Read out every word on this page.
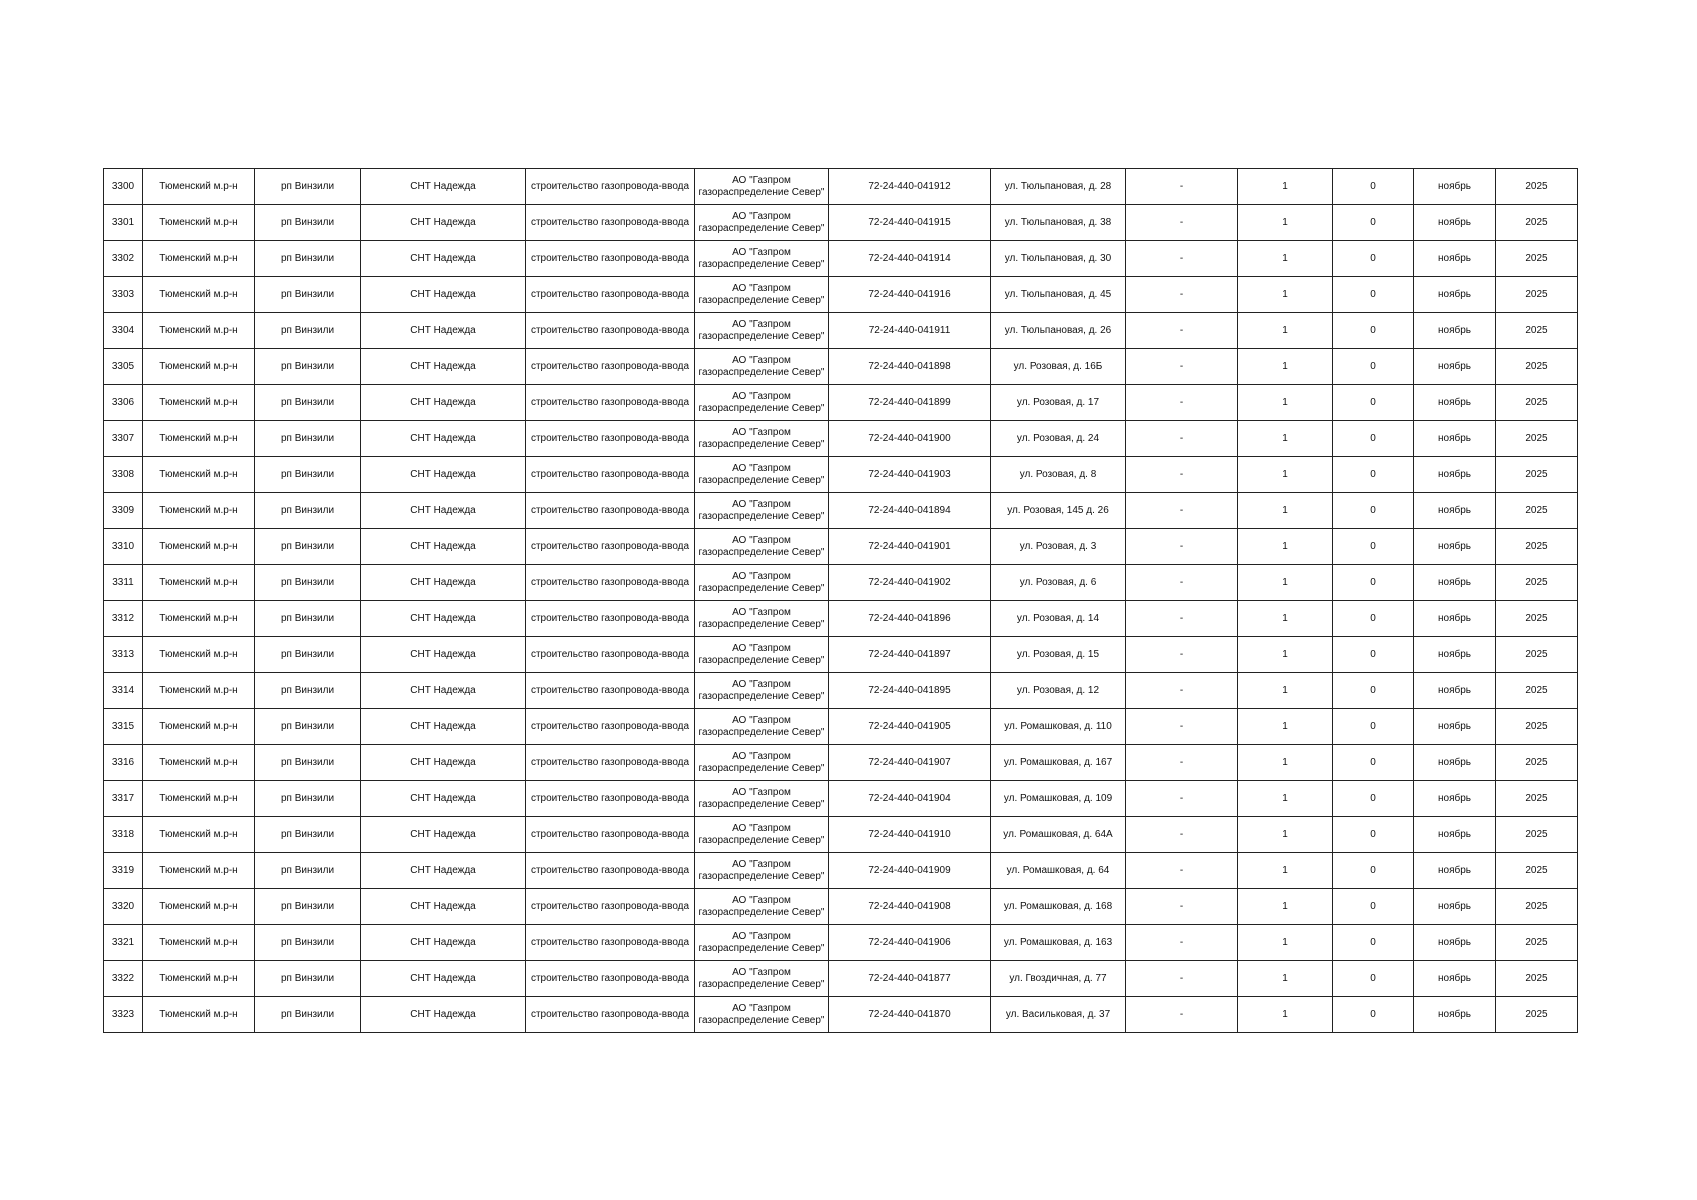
3300	Тюменский м.р-н	рп Винзили	СНТ Надежда	строительство газопровода-ввода	АО "Газпром
газораспределение Север"	72-24-440-041912	ул. Тюльпановая, д. 28	-	1	0	ноябрь	2025
3301	Тюменский м.р-н	рп Винзили	СНТ Надежда	строительство газопровода-ввода	АО "Газпром
газораспределение Север"	72-24-440-041915	ул. Тюльпановая, д. 38	-	1	0	ноябрь	2025
3302	Тюменский м.р-н	рп Винзили	СНТ Надежда	строительство газопровода-ввода	АО "Газпром
газораспределение Север"	72-24-440-041914	ул. Тюльпановая, д. 30	-	1	0	ноябрь	2025
3303	Тюменский м.р-н	рп Винзили	СНТ Надежда	строительство газопровода-ввода	АО "Газпром
газораспределение Север"	72-24-440-041916	ул. Тюльпановая, д. 45	-	1	0	ноябрь	2025
3304	Тюменский м.р-н	рп Винзили	СНТ Надежда	строительство газопровода-ввода	АО "Газпром
газораспределение Север"	72-24-440-041911	ул. Тюльпановая, д. 26	-	1	0	ноябрь	2025
3305	Тюменский м.р-н	рп Винзили	СНТ Надежда	строительство газопровода-ввода	АО "Газпром
газораспределение Север"	72-24-440-041898	ул. Розовая, д. 16Б	-	1	0	ноябрь	2025
3306	Тюменский м.р-н	рп Винзили	СНТ Надежда	строительство газопровода-ввода	АО "Газпром
газораспределение Север"	72-24-440-041899	ул. Розовая, д. 17	-	1	0	ноябрь	2025
3307	Тюменский м.р-н	рп Винзили	СНТ Надежда	строительство газопровода-ввода	АО "Газпром
газораспределение Север"	72-24-440-041900	ул. Розовая, д. 24	-	1	0	ноябрь	2025
3308	Тюменский м.р-н	рп Винзили	СНТ Надежда	строительство газопровода-ввода	АО "Газпром
газораспределение Север"	72-24-440-041903	ул. Розовая, д. 8	-	1	0	ноябрь	2025
3309	Тюменский м.р-н	рп Винзили	СНТ Надежда	строительство газопровода-ввода	АО "Газпром
газораспределение Север"	72-24-440-041894	ул. Розовая, 145 д. 26	-	1	0	ноябрь	2025
3310	Тюменский м.р-н	рп Винзили	СНТ Надежда	строительство газопровода-ввода	АО "Газпром
газораспределение Север"	72-24-440-041901	ул. Розовая, д. 3	-	1	0	ноябрь	2025
3311	Тюменский м.р-н	рп Винзили	СНТ Надежда	строительство газопровода-ввода	АО "Газпром
газораспределение Север"	72-24-440-041902	ул. Розовая, д. 6	-	1	0	ноябрь	2025
3312	Тюменский м.р-н	рп Винзили	СНТ Надежда	строительство газопровода-ввода	АО "Газпром
газораспределение Север"	72-24-440-041896	ул. Розовая, д. 14	-	1	0	ноябрь	2025
3313	Тюменский м.р-н	рп Винзили	СНТ Надежда	строительство газопровода-ввода	АО "Газпром
газораспределение Север"	72-24-440-041897	ул. Розовая, д. 15	-	1	0	ноябрь	2025
3314	Тюменский м.р-н	рп Винзили	СНТ Надежда	строительство газопровода-ввода	АО "Газпром
газораспределение Север"	72-24-440-041895	ул. Розовая, д. 12	-	1	0	ноябрь	2025
3315	Тюменский м.р-н	рп Винзили	СНТ Надежда	строительство газопровода-ввода	АО "Газпром
газораспределение Север"	72-24-440-041905	ул. Ромашковая, д. 110	-	1	0	ноябрь	2025
3316	Тюменский м.р-н	рп Винзили	СНТ Надежда	строительство газопровода-ввода	АО "Газпром
газораспределение Север"	72-24-440-041907	ул. Ромашковая, д. 167	-	1	0	ноябрь	2025
3317	Тюменский м.р-н	рп Винзили	СНТ Надежда	строительство газопровода-ввода	АО "Газпром
газораспределение Север"	72-24-440-041904	ул. Ромашковая, д. 109	-	1	0	ноябрь	2025
3318	Тюменский м.р-н	рп Винзили	СНТ Надежда	строительство газопровода-ввода	АО "Газпром
газораспределение Север"	72-24-440-041910	ул. Ромашковая, д. 64А	-	1	0	ноябрь	2025
3319	Тюменский м.р-н	рп Винзили	СНТ Надежда	строительство газопровода-ввода	АО "Газпром
газораспределение Север"	72-24-440-041909	ул. Ромашковая, д. 64	-	1	0	ноябрь	2025
3320	Тюменский м.р-н	рп Винзили	СНТ Надежда	строительство газопровода-ввода	АО "Газпром
газораспределение Север"	72-24-440-041908	ул. Ромашковая, д. 168	-	1	0	ноябрь	2025
3321	Тюменский м.р-н	рп Винзили	СНТ Надежда	строительство газопровода-ввода	АО "Газпром
газораспределение Север"	72-24-440-041906	ул. Ромашковая, д. 163	-	1	0	ноябрь	2025
3322	Тюменский м.р-н	рп Винзили	СНТ Надежда	строительство газопровода-ввода	АО "Газпром
газораспределение Север"	72-24-440-041877	ул. Гвоздичная, д. 77	-	1	0	ноябрь	2025
3323	Тюменский м.р-н	рп Винзили	СНТ Надежда	строительство газопровода-ввода	АО "Газпром
газораспределение Север"	72-24-440-041870	ул. Васильковая, д. 37	-	1	0	ноябрь	2025
